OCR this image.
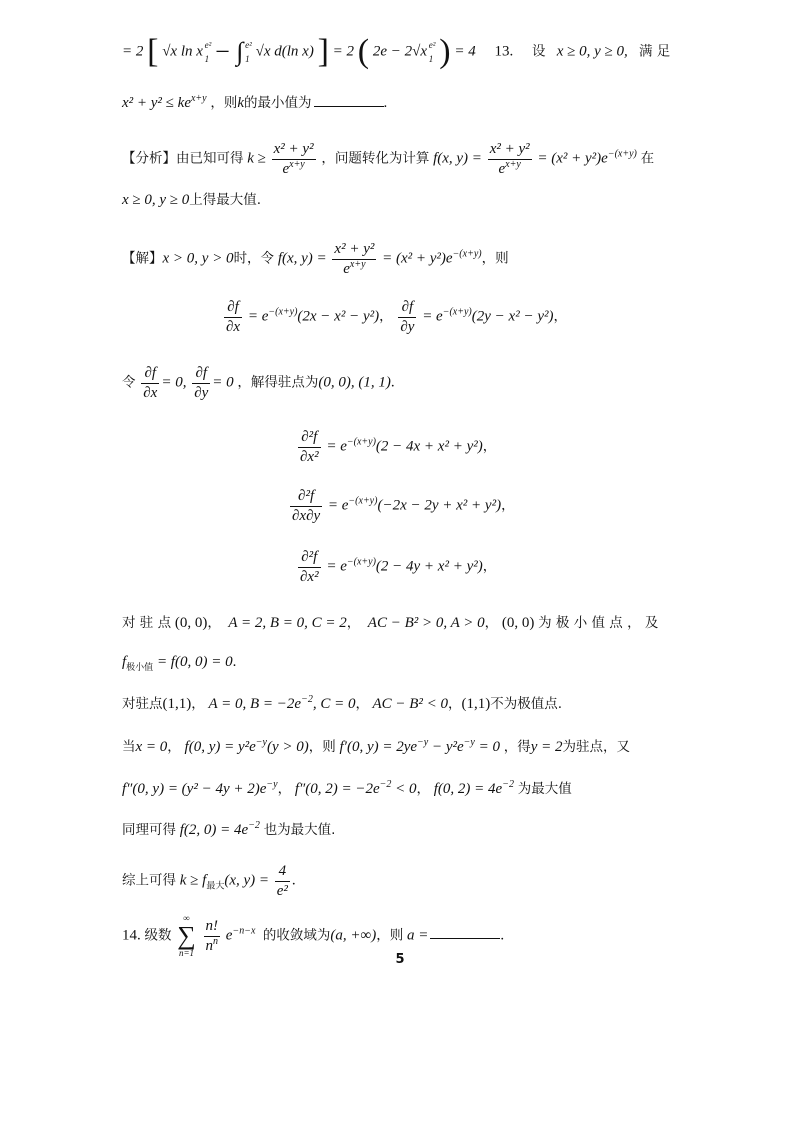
= 2 [ √x ln x e²
1 − ∫ e²
1 √x d(ln x) ] = 2 ( 2e − 2√x e²
1 ) = 4 13. 设 x ≥ 0, y ≥ 0, 满 足
$x^2 + y^2 \le ke^{x+y}$ ，则k的最小值为	.
【分析】由已知可得 $k \ge \frac{\text{x² + y²}}{e^{x+y}}$ ，问题转化为计算 f(x, $y) = \frac{\text{x² + y²}}{e^{x+y}} = (x^2 + y^2)e^{-(x+y)}$ 在
x ≥ 0, y ≥ 0上得最大值.
【解】x > 0, y > 0时，令 f(x, $y) = \frac{\text{x² + y²}}{e^{x+y}} = (x^2 + y^2)e^{-(x+y)}$，则
$\frac{\partial f}{\partial x} = e^{-(x+y)}(2x - x^2 - y^2)$， $\frac{\partial f}{\partial y} = e^{-(x+y)}(2y - x^2 - y^2)$，
令 $\frac{\partial f}{\partial x} = 0$, $\frac{\partial f}{\partial y} = 0$ ，解得驻点为(0, 0), (1, 1).
$\frac{\text{∂²f}}{\text{∂x²}} = e^{-(x+y)}(2 - 4x + x^2 + y^2)$，
$\frac{\text{∂²f}}{\partial x\partial y} = e^{-(x+y)}(-2x - 2y + x^2 + y^2)$，
$\frac{\text{∂²f}}{\text{∂x²}} = e^{-(x+y)}(2 - 4y + x^2 + y^2)$，
对 驻 点 (0, 0)， A = 2, B = 0, C = 2， AC − B² > 0, A > 0， (0, 0) 为 极 小 值 点 ， 及
$f_{极小值} = f(0$, 0) = 0.
对驻点(1,1)， A = 0, $B = -2e^{-2}$, C = 0， AC − B² < 0，(1,1)不为极值点.
当x = 0， f(0, $y) = y^2e^{-y}(y > 0)$，则 f′(0, $y) = 2ye^{-y} - y^2e^{-y} = 0$ ，得y = 2为驻点，又
f″(0, $y) = (y^2 - 4y + 2)e^{-y}$， f″(0, $2) = -2e^{-2} < 0$， f(0, $2) = 4e^{-2}$ 为最大值
同理可得 f(2, $0) = 4e^{-2}$ 也为最大值.
综上可得 $k \ge f_{最大}(x$, $y) = \frac{4}{\text{e²}}$ .
14. 级数
∞
∑
n=1
$\frac{n!}{n^n} e^{-n-x}$ 的收敛域为(a, +∞)，则 a =	.
5
